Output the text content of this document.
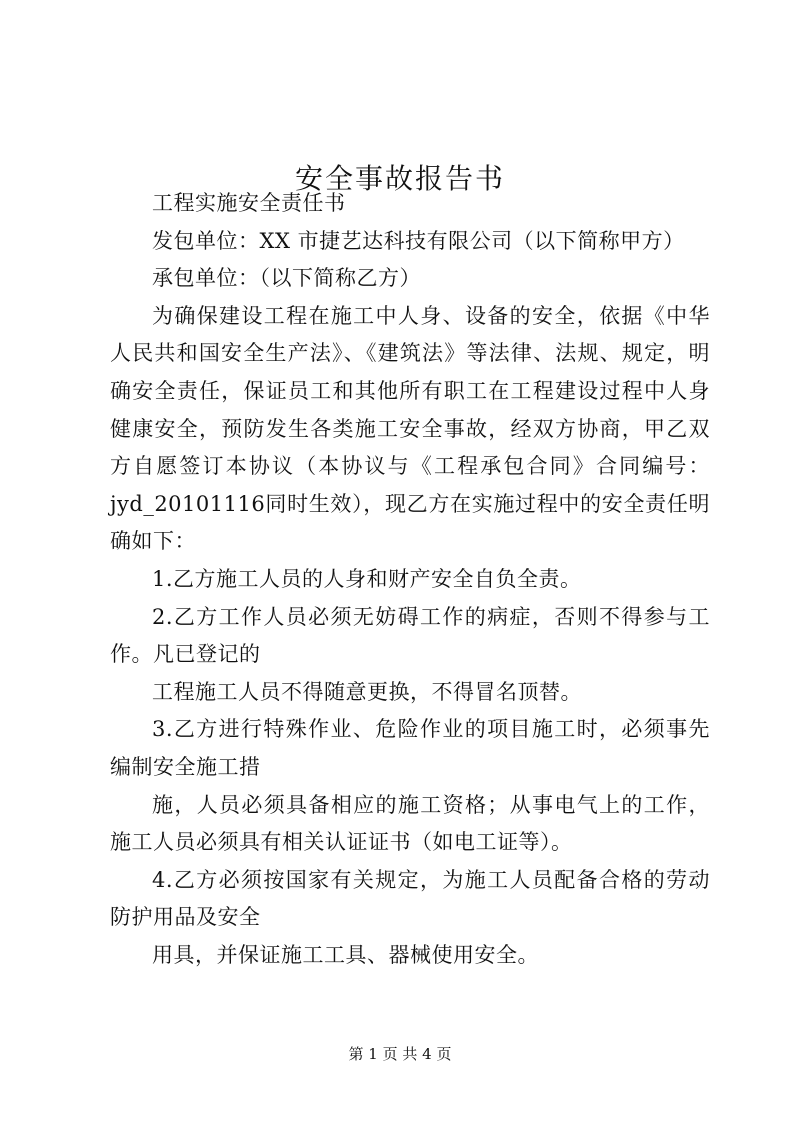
安全事故报告书

工程实施安全责任书

发包单位：XX 市捷艺达科技有限公司（以下简称甲方）

承包单位：（以下简称乙方）

为确保建设工程在施工中人身、设备的安全，依据《中华人民共和国安全生产法》、《建筑法》等法律、法规、规定，明确安全责任，保证员工和其他所有职工在工程建设过程中人身健康安全，预防发生各类施工安全事故，经双方协商，甲乙双方自愿签订本协议（本协议与《工程承包合同》合同编号：jyd_20101116同时生效），现乙方在实施过程中的安全责任明确如下：

1.乙方施工人员的人身和财产安全自负全责。

2.乙方工作人员必须无妨碍工作的病症，否则不得参与工作。凡已登记的

工程施工人员不得随意更换，不得冒名顶替。

3.乙方进行特殊作业、危险作业的项目施工时，必须事先编制安全施工措

施，人员必须具备相应的施工资格；从事电气上的工作，施工人员必须具有相关认证证书（如电工证等）。

4.乙方必须按国家有关规定，为施工人员配备合格的劳动防护用品及安全

用具，并保证施工工具、器械使用安全。

第 1 页 共 4 页
